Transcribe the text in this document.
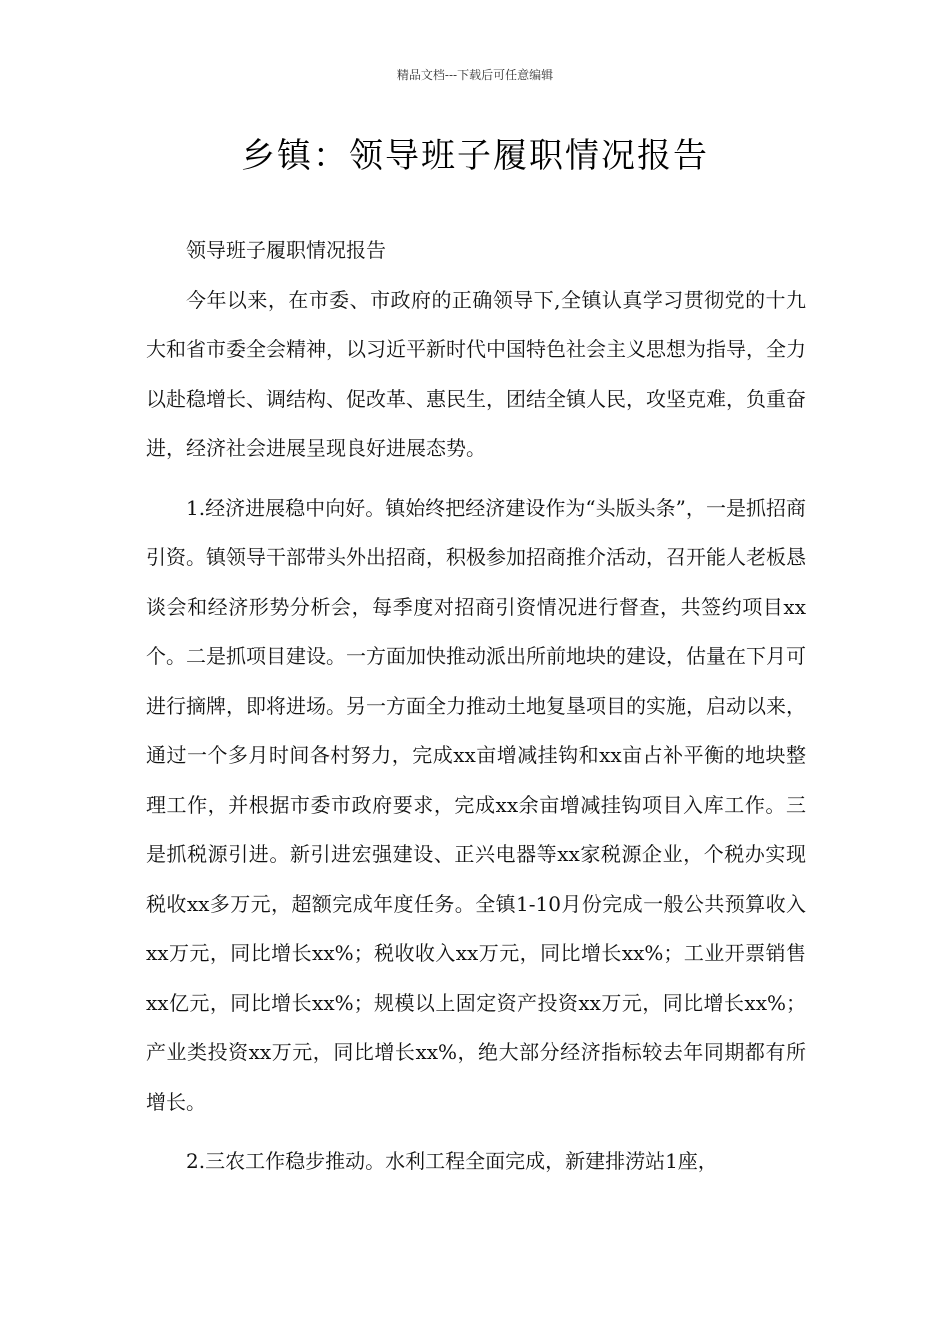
精品文档---下载后可任意编辑
乡镇：领导班子履职情况报告

领导班子履职情况报告

今年以来，在市委、市政府的正确领导下,全镇认真学习贯彻党的十九大和省市委全会精神，以习近平新时代中国特色社会主义思想为指导，全力以赴稳增长、调结构、促改革、惠民生，团结全镇人民，攻坚克难，负重奋进，经济社会进展呈现良好进展态势。

1.经济进展稳中向好。镇始终把经济建设作为“头版头条”，一是抓招商引资。镇领导干部带头外出招商，积极参加招商推介活动，召开能人老板恳谈会和经济形势分析会，每季度对招商引资情况进行督查，共签约项目xx个。二是抓项目建设。一方面加快推动派出所前地块的建设，估量在下月可进行摘牌，即将进场。另一方面全力推动土地复垦项目的实施，启动以来，通过一个多月时间各村努力，完成xx亩增减挂钩和xx亩占补平衡的地块整理工作，并根据市委市政府要求，完成xx余亩增减挂钩项目入库工作。三是抓税源引进。新引进宏强建设、正兴电器等xx家税源企业，个税办实现税收xx多万元，超额完成年度任务。全镇1-10月份完成一般公共预算收入xx万元，同比增长xx%；税收收入xx万元，同比增长xx%；工业开票销售xx亿元，同比增长xx%；规模以上固定资产投资xx万元，同比增长xx%；产业类投资xx万元，同比增长xx%，绝大部分经济指标较去年同期都有所增长。

2.三农工作稳步推动。水利工程全面完成，新建排涝站1座，
